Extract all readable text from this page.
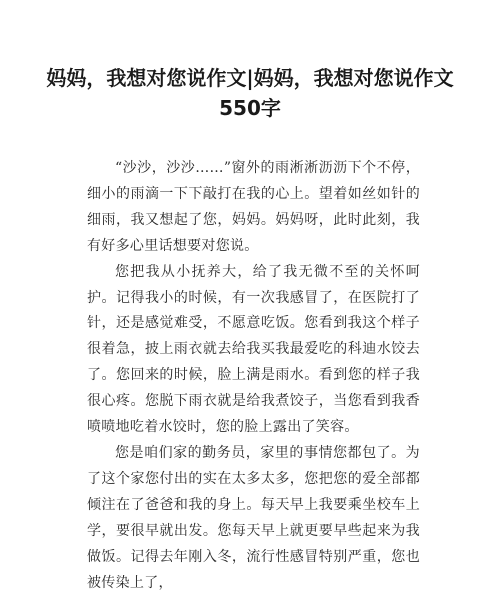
妈妈，我想对您说作文|妈妈，我想对您说作文550字

“沙沙，沙沙……”窗外的雨淅淅沥沥下个不停，细小的雨滴一下下敲打在我的心上。望着如丝如针的细雨，我又想起了您，妈妈。妈妈呀，此时此刻，我有好多心里话想要对您说。

您把我从小抚养大，给了我无微不至的关怀呵护。记得我小的时候，有一次我感冒了，在医院打了针，还是感觉难受，不愿意吃饭。您看到我这个样子很着急，披上雨衣就去给我买我最爱吃的科迪水饺去了。您回来的时候，脸上满是雨水。看到您的样子我很心疼。您脱下雨衣就是给我煮饺子，当您看到我香喷喷地吃着水饺时，您的脸上露出了笑容。

您是咱们家的勤务员，家里的事情您都包了。为了这个家您付出的实在太多太多，您把您的爱全部都倾注在了爸爸和我的身上。每天早上我要乘坐校车上学，要很早就出发。您每天早上就更要早些起来为我做饭。记得去年刚入冬，流行性感冒特别严重，您也被传染上了，
